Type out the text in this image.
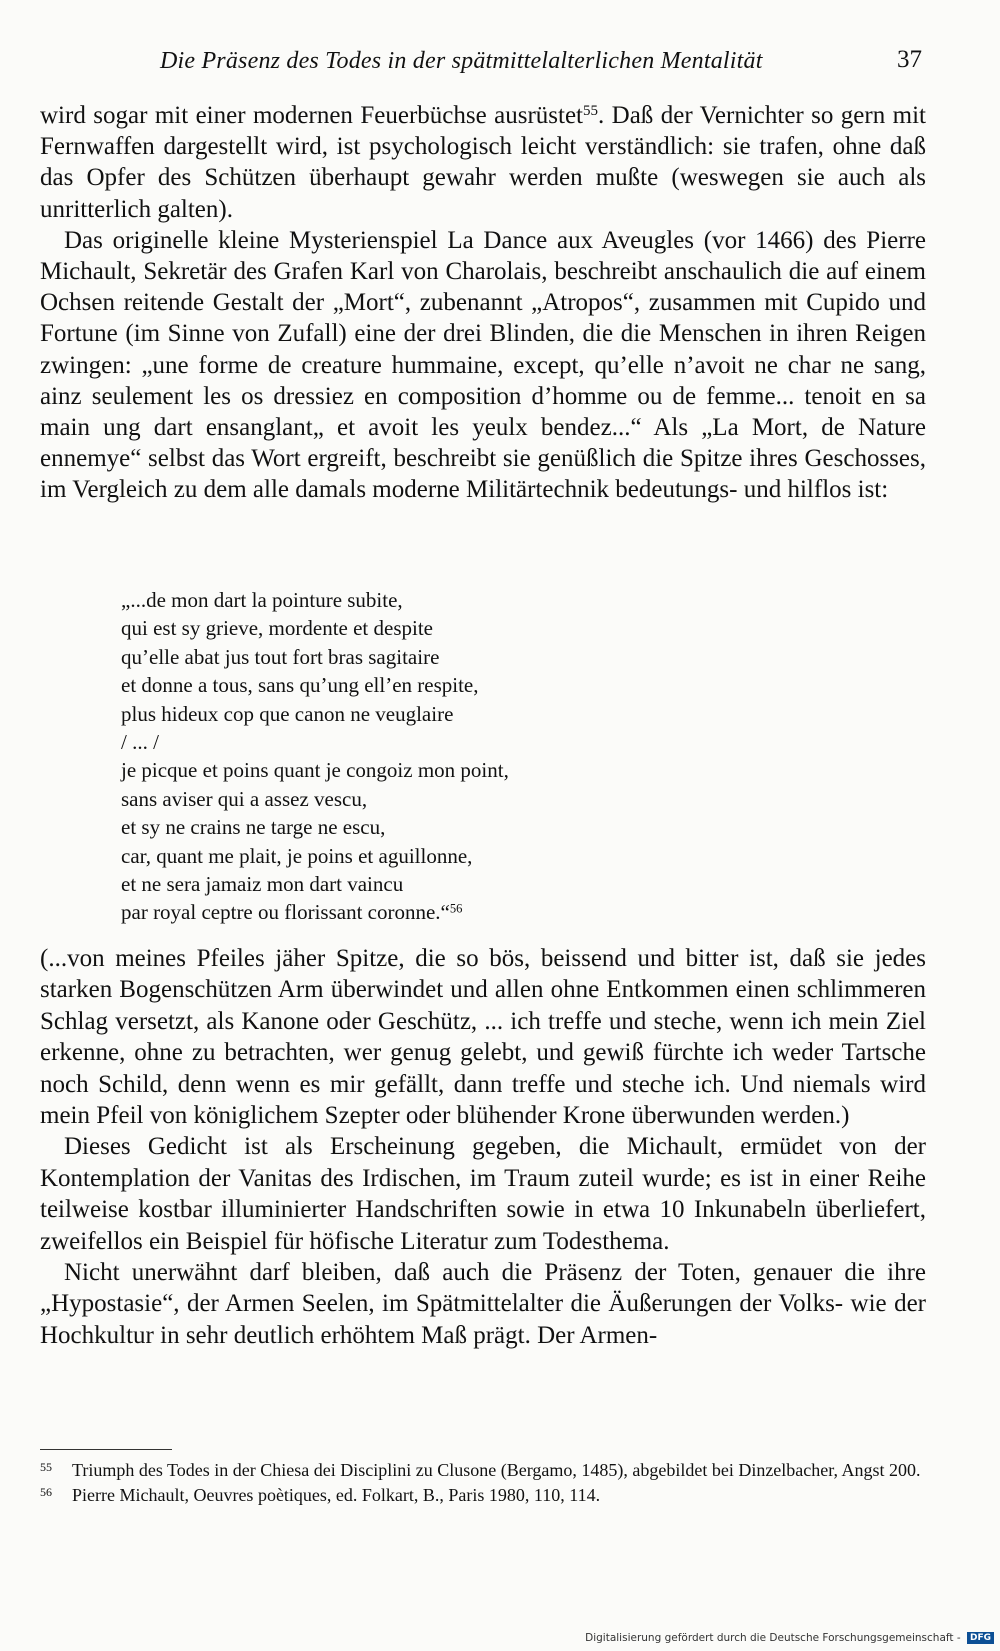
Die Präsenz des Todes in der spätmittelalterlichen Mentalität	37

wird sogar mit einer modernen Feuerbüchse ausrüstet$^{55}$. Daß der Vernichter so gern mit Fernwaffen dargestellt wird, ist psychologisch leicht verständlich: sie trafen, ohne daß das Opfer des Schützen überhaupt gewahr werden mußte (weswegen sie auch als unritterlich galten).

Das originelle kleine Mysterienspiel La Dance aux Aveugles (vor 1466) des Pierre Michault, Sekretär des Grafen Karl von Charolais, beschreibt anschaulich die auf einem Ochsen reitende Gestalt der „Mort“, zubenannt „Atropos“, zusammen mit Cupido und Fortune (im Sinne von Zufall) eine der drei Blinden, die die Menschen in ihren Reigen zwingen: „une forme de creature hummaine, except, qu’elle n’avoit ne char ne sang, ainz seulement les os dressiez en composition d’homme ou de femme... tenoit en sa main ung dart ensanglant„ et avoit les yeulx bendez...“ Als „La Mort, de Nature ennemye“ selbst das Wort ergreift, beschreibt sie genüßlich die Spitze ihres Geschosses, im Vergleich zu dem alle damals moderne Militärtechnik bedeutungs- und hilflos ist:

„...de mon dart la pointure subite,
qui est sy grieve, mordente et despite
qu’elle abat jus tout fort bras sagitaire
et donne a tous, sans qu’ung ell’en respite,
plus hideux cop que canon ne veuglaire
/ ... /
je picque et poins quant je congoiz mon point,
sans aviser qui a assez vescu,
et sy ne crains ne targe ne escu,
car, quant me plait, je poins et aguillonne,
et ne sera jamaiz mon dart vaincu
par royal ceptre ou florissant coronne.“$^{56}$

(...von meines Pfeiles jäher Spitze, die so bös, beissend und bitter ist, daß sie jedes starken Bogenschützen Arm überwindet und allen ohne Entkommen einen schlimmeren Schlag versetzt, als Kanone oder Geschütz, ... ich treffe und steche, wenn ich mein Ziel erkenne, ohne zu betrachten, wer genug gelebt, und gewiß fürchte ich weder Tartsche noch Schild, denn wenn es mir gefällt, dann treffe und steche ich. Und niemals wird mein Pfeil von königlichem Szepter oder blühender Krone überwunden werden.)

Dieses Gedicht ist als Erscheinung gegeben, die Michault, ermüdet von der Kontemplation der Vanitas des Irdischen, im Traum zuteil wurde; es ist in einer Reihe teilweise kostbar illuminierter Handschriften sowie in etwa 10 Inkunabeln überliefert, zweifellos ein Beispiel für höfische Literatur zum Todesthema.

Nicht unerwähnt darf bleiben, daß auch die Präsenz der Toten, genauer die ihre „Hypostasie“, der Armen Seelen, im Spätmittelalter die Äußerungen der Volks- wie der Hochkultur in sehr deutlich erhöhtem Maß prägt. Der Armen-

55 Triumph des Todes in der Chiesa dei Disciplini zu Clusone (Bergamo, 1485), abgebildet bei Dinzelbacher, Angst 200.
56 Pierre Michault, Oeuvres poètiques, ed. Folkart, B., Paris 1980, 110, 114.
Digitalisierung gefördert durch die Deutsche Forschungsgemeinschaft - DFG
